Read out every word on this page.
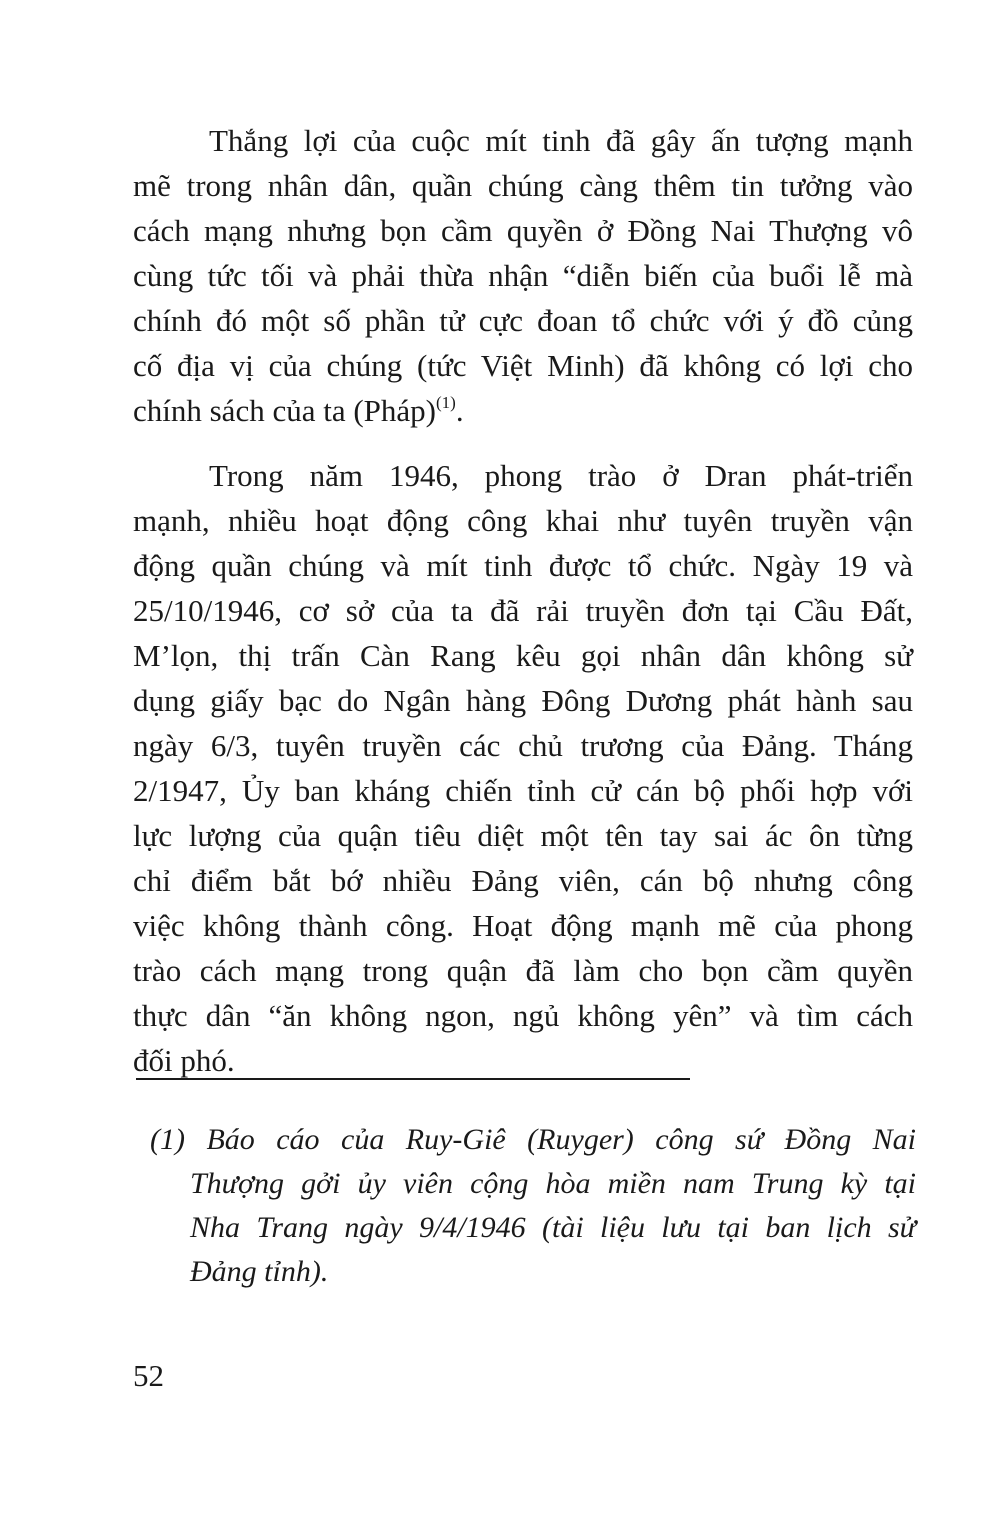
Thắng lợi của cuộc mít tinh đã gây ấn tượng mạnh
mẽ trong nhân dân, quần chúng càng thêm tin tưởng vào
cách mạng nhưng bọn cầm quyền ở Đồng Nai Thượng vô
cùng tức tối và phải thừa nhận “diễn biến của buổi lễ mà
chính đó một số phần tử cực đoan tổ chức với ý đồ củng
cố địa vị của chúng (tức Việt Minh) đã không có lợi cho
chính sách của ta (Pháp)$^{(1)}$.

Trong năm 1946, phong trào ở Dran phát-triển
mạnh, nhiều hoạt động công khai như tuyên truyền vận
động quần chúng và mít tinh được tổ chức. Ngày 19 và
25/10/1946, cơ sở của ta đã rải truyền đơn tại Cầu Đất,
M’lọn, thị trấn Càn Rang kêu gọi nhân dân không sử
dụng giấy bạc do Ngân hàng Đông Dương phát hành sau
ngày 6/3, tuyên truyền các chủ trương của Đảng. Tháng
2/1947, Ủy ban kháng chiến tỉnh cử cán bộ phối hợp với
lực lượng của quận tiêu diệt một tên tay sai ác ôn từng
chỉ điểm bắt bớ nhiều Đảng viên, cán bộ nhưng công
việc không thành công. Hoạt động mạnh mẽ của phong
trào cách mạng trong quận đã làm cho bọn cầm quyền
thực dân “ăn không ngon, ngủ không yên” và tìm cách
đối phó.

(1) Báo cáo của Ruy-Giê (Ruyger) công sứ Đồng Nai
Thượng gởi ủy viên cộng hòa miền nam Trung kỳ tại
Nha Trang ngày 9/4/1946 (tài liệu lưu tại ban lịch sử
Đảng tỉnh).

52
